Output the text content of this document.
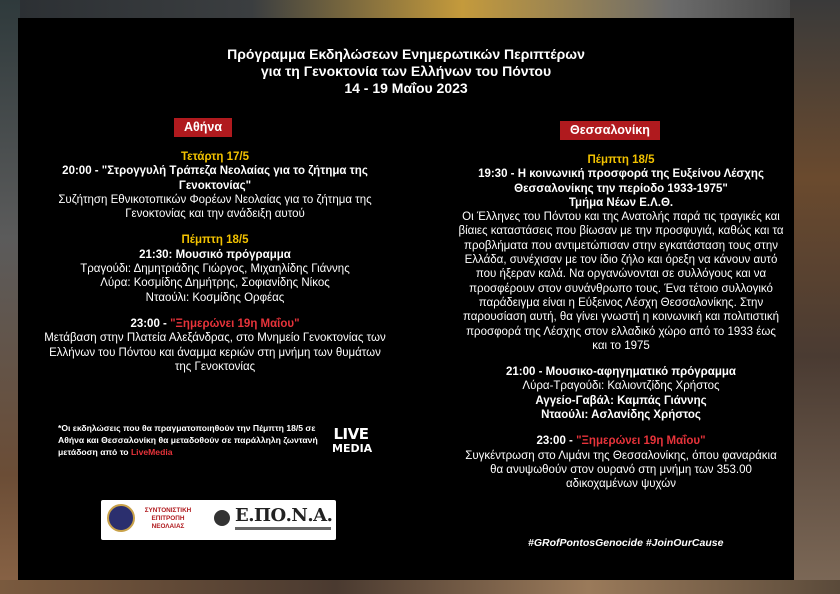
Πρόγραμμα Εκδηλώσεων Ενημερωτικών Περιπτέρων
για τη Γενοκτονία των Ελλήνων του Πόντου
14 - 19 Μαΐου 2023
Αθήνα	Θεσσαλονίκη
Τετάρτη 17/5
20:00 - "Στρογγυλή Τράπεζα Νεολαίας για το ζήτημα της Γενοκτονίας"
Συζήτηση Εθνικοτοπικών Φορέων Νεολαίας για το ζήτημα της Γενοκτονίας και την ανάδειξη αυτού
Πέμπτη 18/5
21:30: Μουσικό πρόγραμμα
Τραγούδι: Δημητριάδης Γιώργος, Μιχαηλίδης Γιάννης
Λύρα: Κοσμίδης Δημήτρης, Σοφιανίδης Νίκος
Νταούλι: Κοσμίδης Ορφέας
23:00 - "Ξημερώνει 19η Μαΐου"
Μετάβαση στην Πλατεία Αλεξάνδρας, στο Μνημείο Γενοκτονίας των Ελλήνων του Πόντου και άναμμα κεριών στη μνήμη των θυμάτων της Γενοκτονίας
Πέμπτη 18/5
19:30 - Η κοινωνική προσφορά της Ευξείνου Λέσχης Θεσσαλονίκης την περίοδο 1933-1975"
Τμήμα Νέων Ε.Λ.Θ.
Οι Έλληνες του Πόντου και της Ανατολής παρά τις τραγικές και βίαιες καταστάσεις που βίωσαν με την προσφυγιά, καθώς και τα προβλήματα που αντιμετώπισαν στην εγκατάσταση τους στην Ελλάδα, συνέχισαν με τον ίδιο ζήλο και όρεξη να κάνουν αυτό που ήξεραν καλά. Να οργανώνονται σε συλλόγους και να προσφέρουν στον συνάνθρωπο τους. Ένα τέτοιο συλλογικό παράδειγμα είναι η Εύξεινος Λέσχη Θεσσαλονίκης. Στην παρουσίαση αυτή, θα γίνει γνωστή η κοινωνική και πολιτιστική προσφορά της Λέσχης στον ελλαδικό χώρο από το 1933 έως και το 1975
21:00 - Μουσικο-αφηγηματικό πρόγραμμα
Λύρα-Τραγούδι: Καλιοντζίδης Χρήστος
Αγγείο-Γαβάλ: Καμπάς Γιάννης
Νταούλι: Ασλανίδης Χρήστος
23:00 - "Ξημερώνει 19η Μαΐου"
Συγκέντρωση στο Λιμάνι της Θεσσαλονίκης, όπου φαναράκια θα ανυψωθούν στον ουρανό στη μνήμη των 353.00 αδικοχαμένων ψυχών
*Οι εκδηλώσεις που θα πραγματοποιηθούν την Πέμπτη 18/5 σε Αθήνα και Θεσσαλονίκη θα μεταδοθούν σε παράλληλη ζωντανή μετάδοση από το LiveMedia
LIVE
MEDIA
ΣΥΝΤΟΝΙΣΤΙΚΗ ΕΠΙΤΡΟΠΗ ΝΕΟΛΑΙΑΣ
Ε.ΠΟ.Ν.Α.
#GRofPontosGenocide #JoinOurCause
